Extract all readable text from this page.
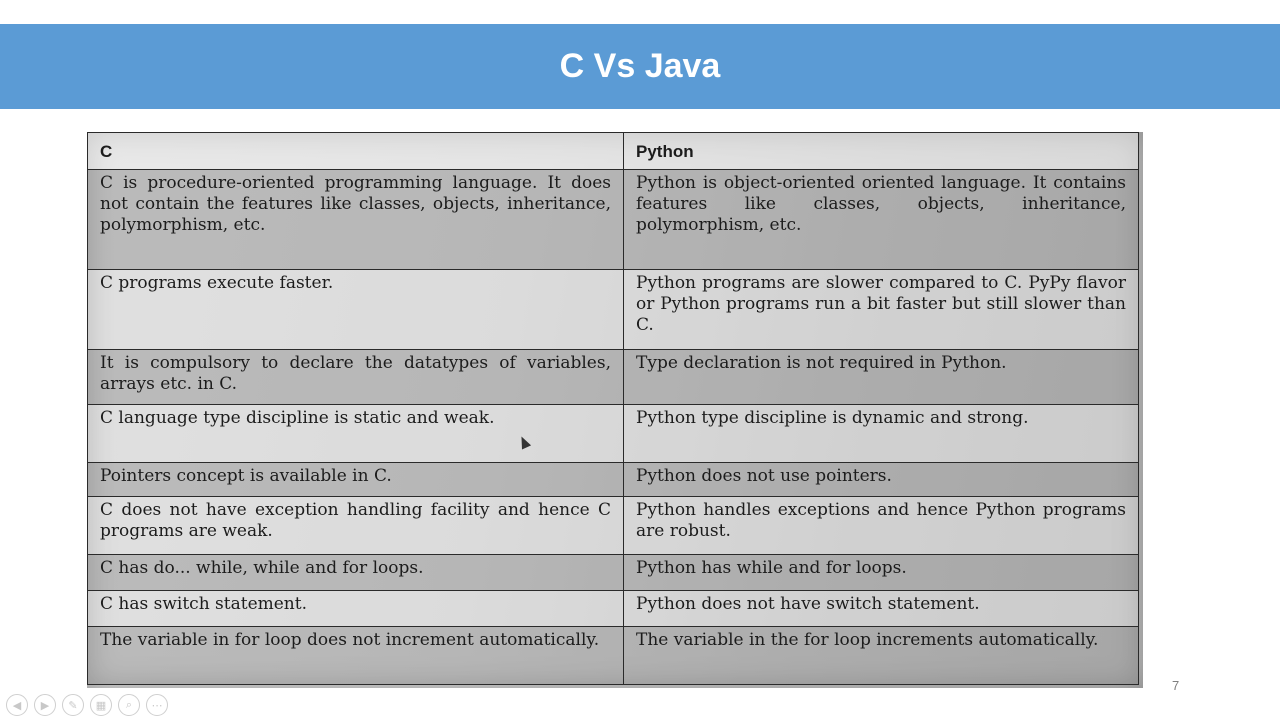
C Vs Java
C	Python
C is procedure-oriented programming language. It does not contain the features like classes, objects, inheritance, polymorphism, etc.	Python is object-oriented oriented language. It contains features like classes, objects, inheritance, polymorphism, etc.
C programs execute faster.	Python programs are slower compared to C. PyPy flavor or Python programs run a bit faster but still slower than C.
It is compulsory to declare the datatypes of variables, arrays etc. in C.	Type declaration is not required in Python.
C language type discipline is static and weak.	Python type discipline is dynamic and strong.
Pointers concept is available in C.	Python does not use pointers.
C does not have exception handling facility and hence C programs are weak.	Python handles exceptions and hence Python programs are robust.
C has do... while, while and for loops.	Python has while and for loops.
C has switch statement.	Python does not have switch statement.
The variable in for loop does not increment automatically.	The variable in the for loop increments automatically.
7
◀	▶	✎	▦	⌕	⋯
